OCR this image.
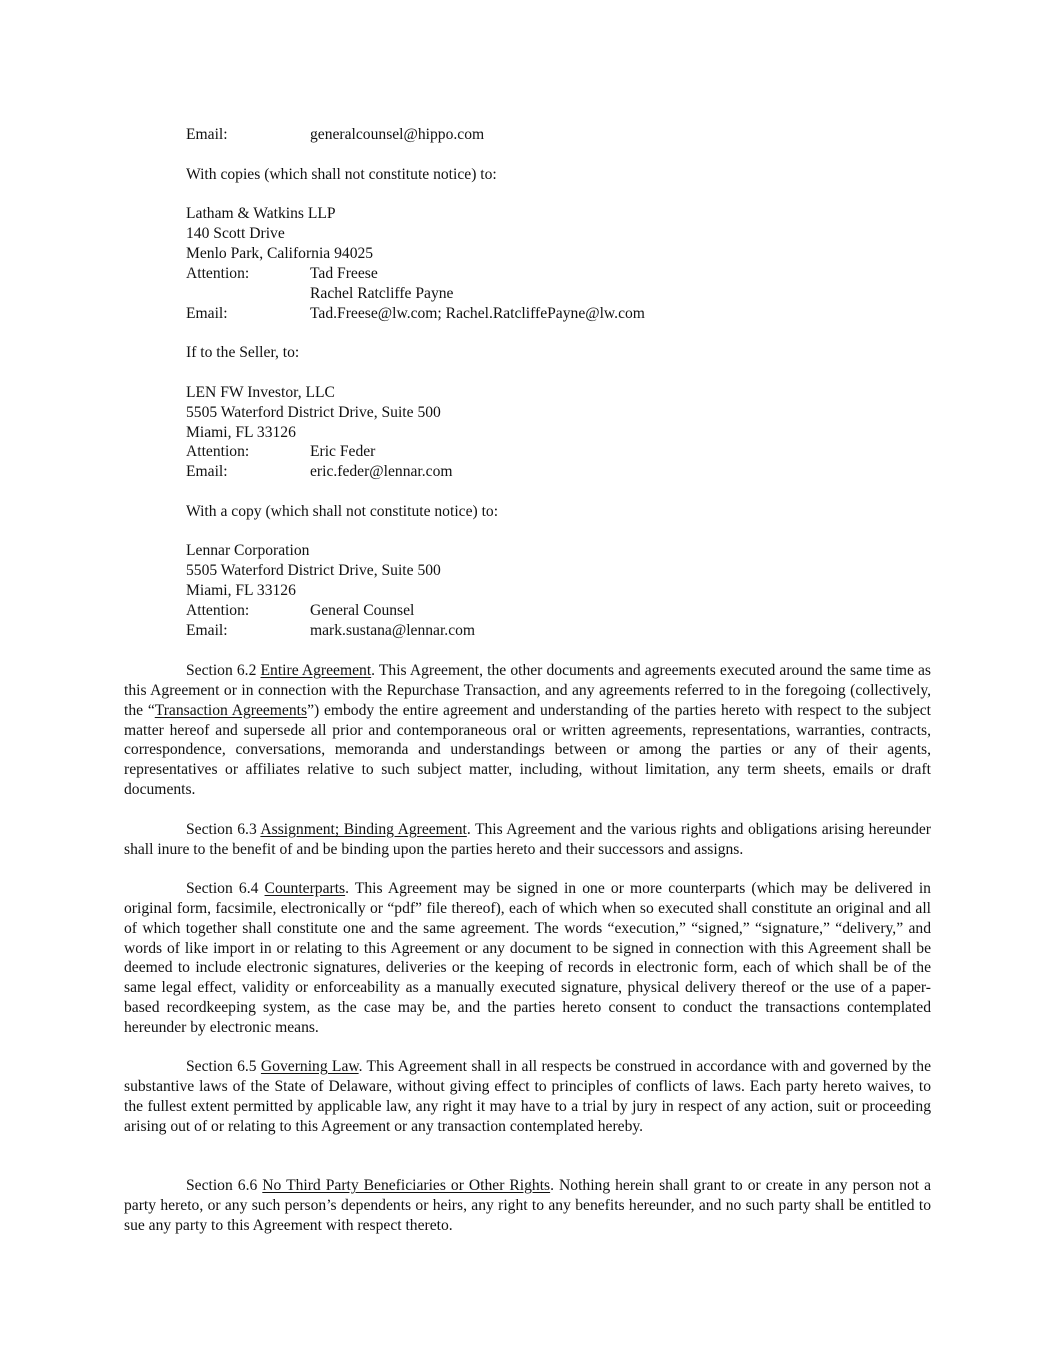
Email:	generalcounsel@hippo.com
With copies (which shall not constitute notice) to:
Latham & Watkins LLP
140 Scott Drive
Menlo Park, California 94025
Attention:	Tad Freese
Rachel Ratcliffe Payne
Email:	Tad.Freese@lw.com; Rachel.RatcliffePayne@lw.com
If to the Seller, to:
LEN FW Investor, LLC
5505 Waterford District Drive, Suite 500
Miami, FL 33126
Attention:	Eric Feder
Email:	eric.feder@lennar.com
With a copy (which shall not constitute notice) to:
Lennar Corporation
5505 Waterford District Drive, Suite 500
Miami, FL 33126
Attention:	General Counsel
Email:	mark.sustana@lennar.com
Section 6.2 Entire Agreement. This Agreement, the other documents and agreements executed around the same time as this Agreement or in connection with the Repurchase Transaction, and any agreements referred to in the foregoing (collectively, the “Transaction Agreements”) embody the entire agreement and understanding of the parties hereto with respect to the subject matter hereof and supersede all prior and contemporaneous oral or written agreements, representations, warranties, contracts, correspondence, conversations, memoranda and understandings between or among the parties or any of their agents, representatives or affiliates relative to such subject matter, including, without limitation, any term sheets, emails or draft documents.
Section 6.3 Assignment; Binding Agreement. This Agreement and the various rights and obligations arising hereunder shall inure to the benefit of and be binding upon the parties hereto and their successors and assigns.
Section 6.4 Counterparts. This Agreement may be signed in one or more counterparts (which may be delivered in original form, facsimile, electronically or “pdf” file thereof), each of which when so executed shall constitute an original and all of which together shall constitute one and the same agreement. The words “execution,” “signed,” “signature,” “delivery,” and words of like import in or relating to this Agreement or any document to be signed in connection with this Agreement shall be deemed to include electronic signatures, deliveries or the keeping of records in electronic form, each of which shall be of the same legal effect, validity or enforceability as a manually executed signature, physical delivery thereof or the use of a paper-based recordkeeping system, as the case may be, and the parties hereto consent to conduct the transactions contemplated hereunder by electronic means.
Section 6.5 Governing Law. This Agreement shall in all respects be construed in accordance with and governed by the substantive laws of the State of Delaware, without giving effect to principles of conflicts of laws. Each party hereto waives, to the fullest extent permitted by applicable law, any right it may have to a trial by jury in respect of any action, suit or proceeding arising out of or relating to this Agreement or any transaction contemplated hereby.
Section 6.6 No Third Party Beneficiaries or Other Rights. Nothing herein shall grant to or create in any person not a party hereto, or any such person’s dependents or heirs, any right to any benefits hereunder, and no such party shall be entitled to sue any party to this Agreement with respect thereto.
